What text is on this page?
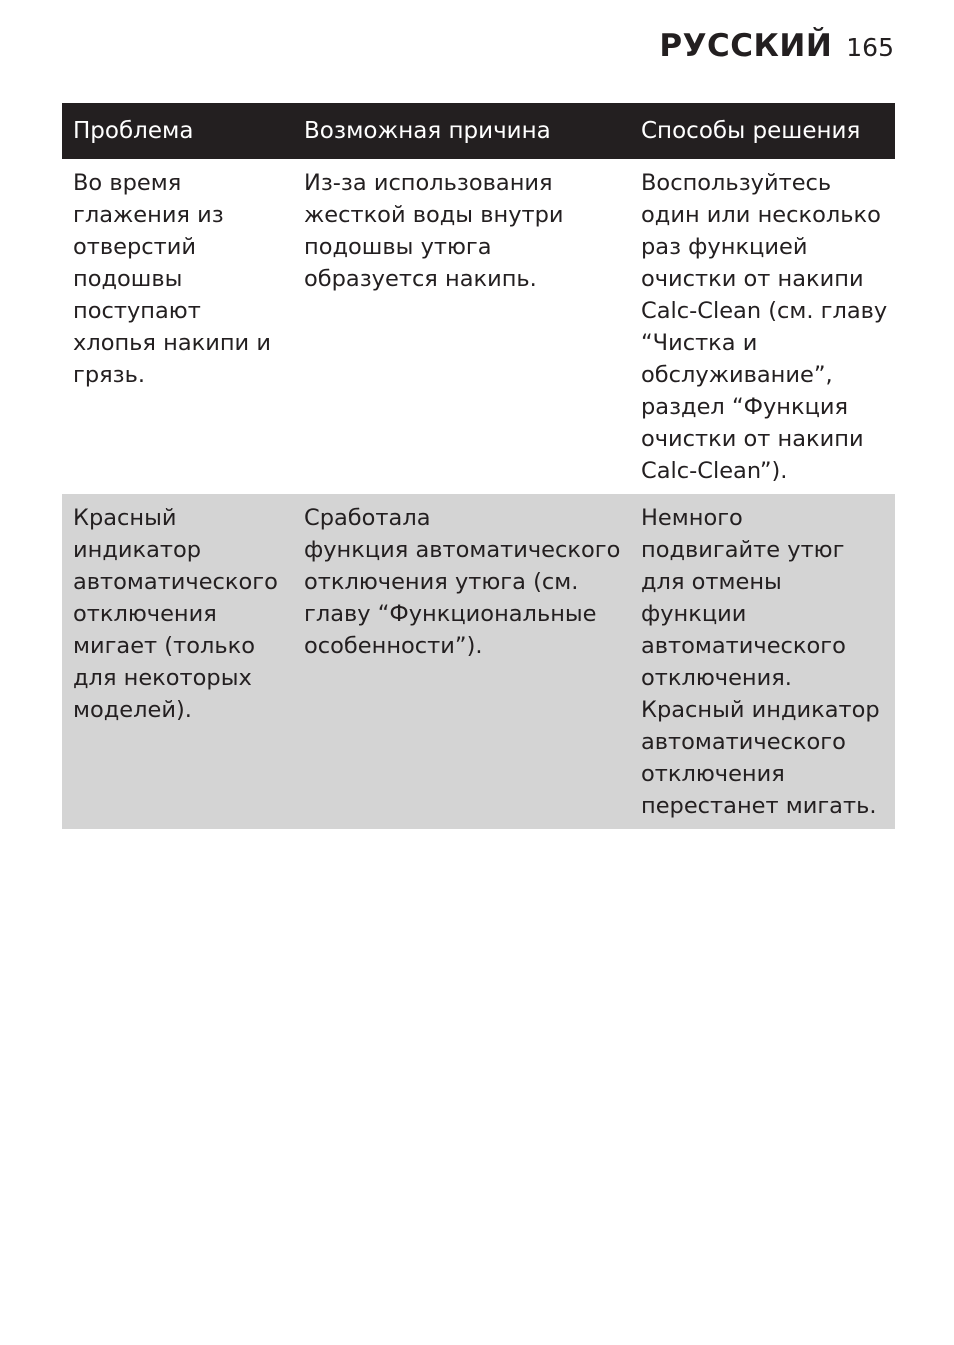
РУССКИЙ 165
Проблема	Возможная причина	Способы решения
Во время
глажения из
отверстий
подошвы
поступают
хлопья накипи и
грязь.
Из-за использования
жесткой воды внутри
подошвы утюга
образуется накипь.
Воспользуйтесь
один или несколько
раз функцией
очистки от накипи
Calc-Clean (см. главу
“Чистка и
обслуживание”,
раздел “Функция
очистки от накипи
Calc-Clean”).
Красный
индикатор
автоматического
отключения
мигает (только
для некоторых
моделей).
Сработала
функция автоматического
отключения утюга (см.
главу “Функциональные
особенности”).
Немного
подвигайте утюг
для отмены
функции
автоматического
отключения.
Красный индикатор
автоматического
отключения
перестанет мигать.
